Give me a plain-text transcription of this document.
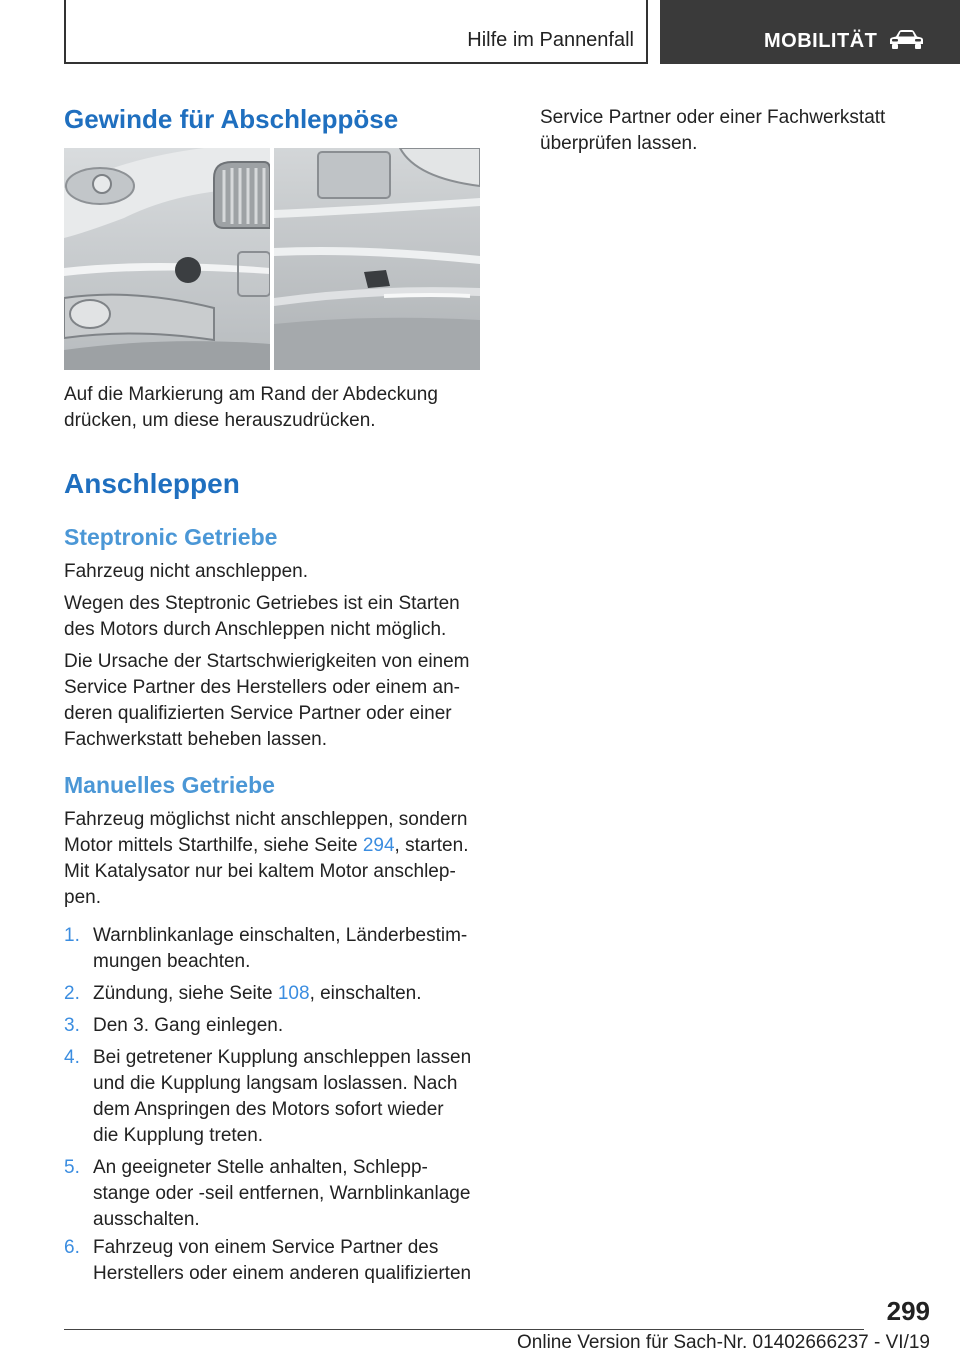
Hilfe im Pannenfall	MOBILITÄT
Gewinde für Abschleppöse

Auf die Markierung am Rand der Abdeckung

drücken, um diese herauszudrücken.

Anschleppen
Steptronic Getriebe

Fahrzeug nicht anschleppen.

Wegen des Steptronic Getriebes ist ein Starten

des Motors durch Anschleppen nicht möglich.

Die Ursache der Startschwierigkeiten von einem

Service Partner des Herstellers oder einem an-

deren qualifizierten Service Partner oder einer

Fachwerkstatt beheben lassen.

Manuelles Getriebe

Fahrzeug möglichst nicht anschleppen, sondern

Motor mittels Starthilfe, siehe Seite 294, starten.

Mit Katalysator nur bei kaltem Motor anschlep-

pen.

1. Warnblinkanlage einschalten, Länderbestim-
mungen beachten.
2. Zündung, siehe Seite 108, einschalten.
3. Den 3. Gang einlegen.
4. Bei getretener Kupplung anschleppen lassen
und die Kupplung langsam loslassen. Nach
dem Anspringen des Motors sofort wieder
die Kupplung treten.
5. An geeigneter Stelle anhalten, Schlepp-
stange oder -seil entfernen, Warnblinkanlage
ausschalten.
6. Fahrzeug von einem Service Partner des
Herstellers oder einem anderen qualifizierten

Service Partner oder einer Fachwerkstatt

überprüfen lassen.

299
Online Version für Sach-Nr. 01402666237 - VI/19
